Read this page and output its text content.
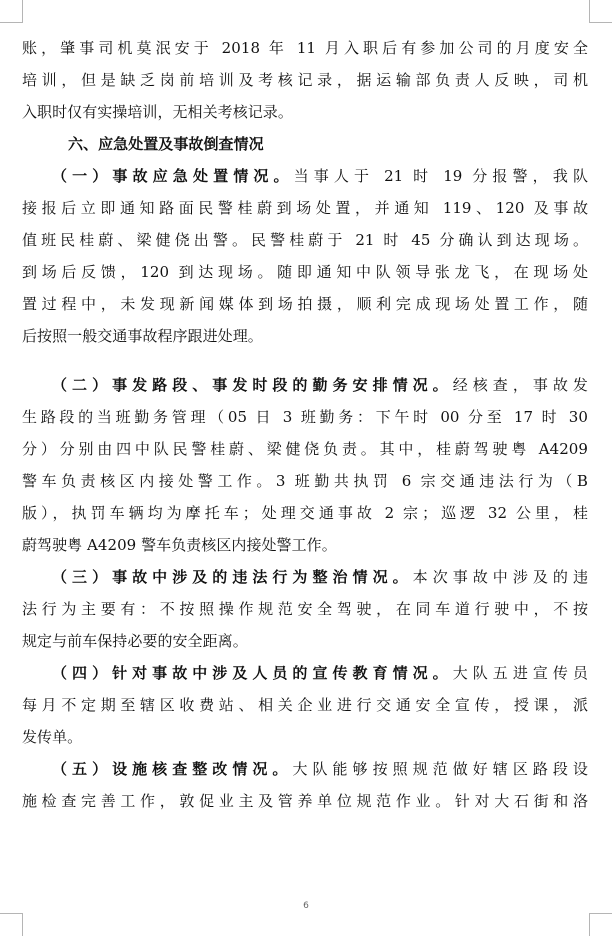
账，肇事司机莫泯安于 2018 年 11 月入职后有参加公司的月度安全
培训，但是缺乏岗前培训及考核记录，据运输部负责人反映，司机
入职时仅有实操培训，无相关考核记录。
六、应急处置及事故倒查情况
（一）事故应急处置情况。当事人于 21 时 19 分报警，我队
接报后立即通知路面民警桂蔚到场处置，并通知 119、120 及事故
值班民桂蔚、梁健侥出警。民警桂蔚于 21 时 45 分确认到达现场。
到场后反馈，120 到达现场。随即通知中队领导张龙飞，在现场处
置过程中，未发现新闻媒体到场拍摄，顺利完成现场处置工作，随
后按照一般交通事故程序跟进处理。
（二）事发路段、事发时段的勤务安排情况。经核查，事故发
生路段的当班勤务管理（05 日 3 班勤务：下午时 00 分至 17 时 30
分）分别由四中队民警桂蔚、梁健侥负责。其中，桂蔚驾驶粤 A4209
警车负责核区内接处警工作。3 班勤共执罚 6 宗交通违法行为（B
版），执罚车辆均为摩托车；处理交通事故 2 宗；巡逻 32 公里，桂
蔚驾驶粤 A4209 警车负责核区内接处警工作。
（三）事故中涉及的违法行为整治情况。本次事故中涉及的违
法行为主要有：不按照操作规范安全驾驶，在同车道行驶中，不按
规定与前车保持必要的安全距离。
（四）针对事故中涉及人员的宣传教育情况。大队五进宣传员
每月不定期至辖区收费站、相关企业进行交通安全宣传，授课，派
发传单。
（五）设施核查整改情况。大队能够按照规范做好辖区路段设
施检查完善工作，敦促业主及管养单位规范作业。针对大石街和洛
6
